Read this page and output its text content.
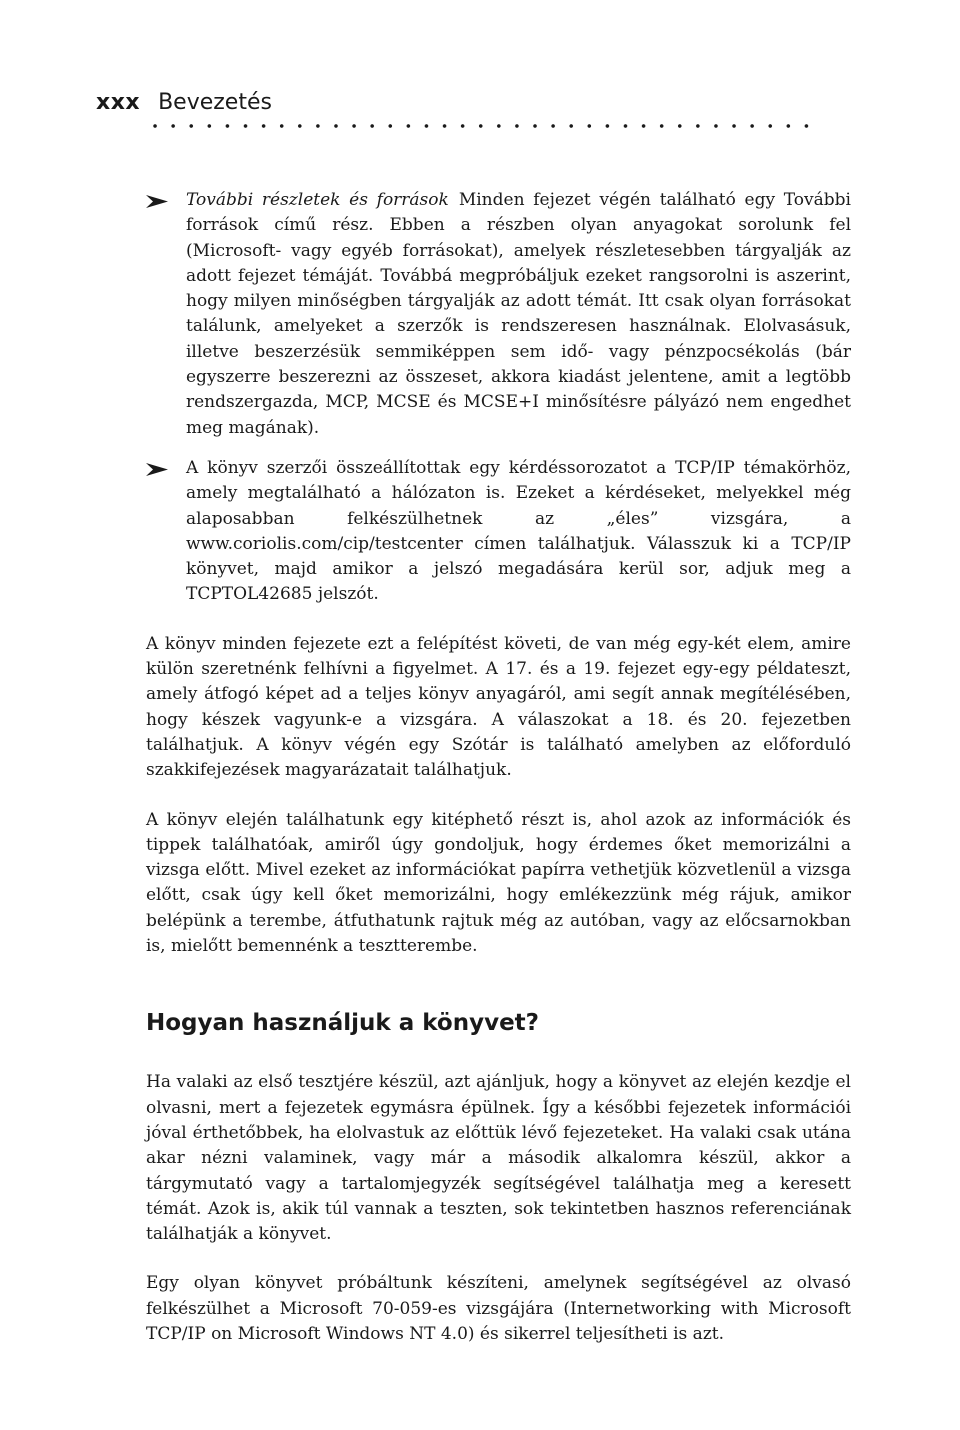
xxx Bevezetés
További részletek és források Minden fejezet végén található egy További források című rész. Ebben a részben olyan anyagokat sorolunk fel (Microsoft- vagy egyéb forrásokat), amelyek részletesebben tárgyalják az adott fejezet témáját. Továbbá megpróbáljuk ezeket rangsorolni is aszerint, hogy milyen minőségben tárgyalják az adott témát. Itt csak olyan forrásokat találunk, amelyeket a szerzők is rendszeresen használnak. Elolvasásuk, illetve beszerzésük semmiképpen sem idő- vagy pénzpocsékolás (bár egyszerre beszerezni az összeset, akkora kiadást jelentene, amit a legtöbb rendszergazda, MCP, MCSE és MCSE+I minősítésre pályázó nem engedhet meg magának).
A könyv szerzői összeállítottak egy kérdéssorozatot a TCP/IP témakörhöz, amely megtalálható a hálózaton is. Ezeket a kérdéseket, melyekkel még alaposabban felkészülhetnek az „éles” vizsgára, a www.coriolis.com/cip/testcenter címen találhatjuk. Válasszuk ki a TCP/IP könyvet, majd amikor a jelszó megadására kerül sor, adjuk meg a TCPTOL42685 jelszót.

A könyv minden fejezete ezt a felépítést követi, de van még egy-két elem, amire külön szeretnénk felhívni a figyelmet. A 17. és a 19. fejezet egy-egy példateszt, amely átfogó képet ad a teljes könyv anyagáról, ami segít annak megítélésében, hogy készek vagyunk-e a vizsgára. A válaszokat a 18. és 20. fejezetben találhatjuk. A könyv végén egy Szótár is található amelyben az előforduló szakkifejezések magyarázatait találhatjuk.

A könyv elején találhatunk egy kitéphető részt is, ahol azok az információk és tippek találhatóak, amiről úgy gondoljuk, hogy érdemes őket memorizálni a vizsga előtt. Mivel ezeket az információkat papírra vethetjük közvetlenül a vizsga előtt, csak úgy kell őket memorizálni, hogy emlékezzünk még rájuk, amikor belépünk a terembe, átfuthatunk rajtuk még az autóban, vagy az előcsarnokban is, mielőtt bemennénk a tesztterembe.

Hogyan használjuk a könyvet?

Ha valaki az első tesztjére készül, azt ajánljuk, hogy a könyvet az elején kezdje el olvasni, mert a fejezetek egymásra épülnek. Így a későbbi fejezetek információi jóval érthetőbbek, ha elolvastuk az előttük lévő fejezeteket. Ha valaki csak utána akar nézni valaminek, vagy már a második alkalomra készül, akkor a tárgymutató vagy a tartalomjegyzék segítségével találhatja meg a keresett témát. Azok is, akik túl vannak a teszten, sok tekintetben hasznos referenciának találhatják a könyvet.

Egy olyan könyvet próbáltunk készíteni, amelynek segítségével az olvasó felkészülhet a Microsoft 70-059-es vizsgájára (Internetworking with Microsoft TCP/IP on Microsoft Windows NT 4.0) és sikerrel teljesítheti is azt.
